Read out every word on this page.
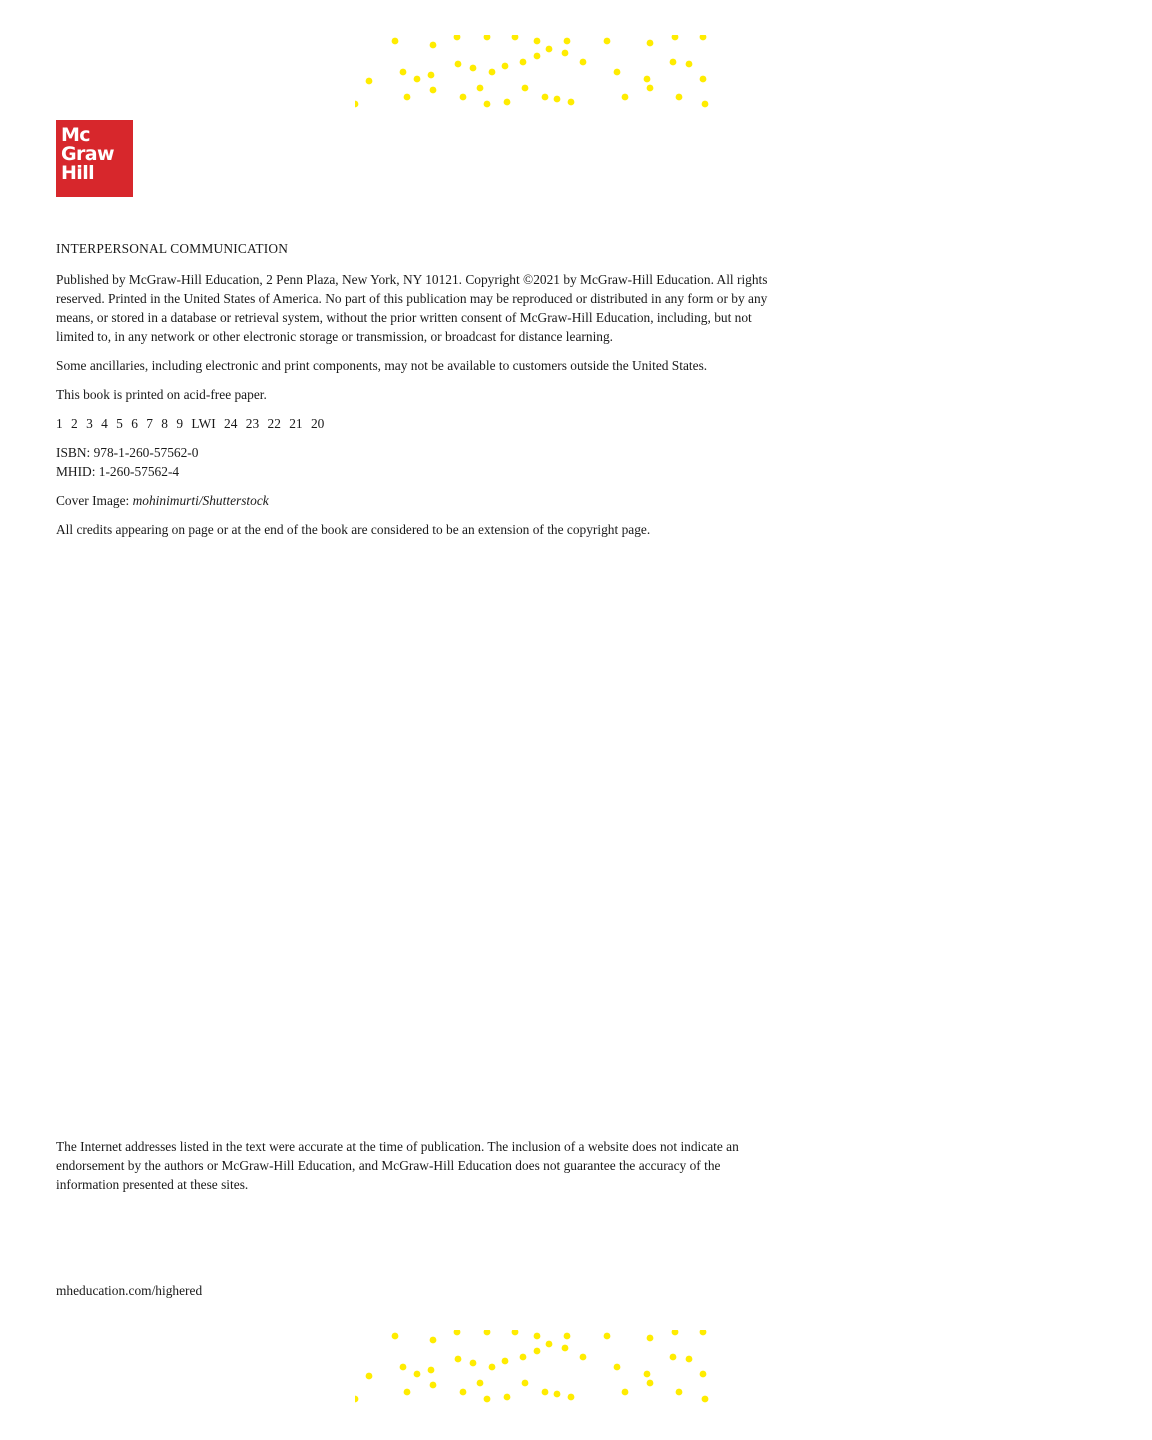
Mc
Graw
Hill
INTERPERSONAL COMMUNICATION

Published by McGraw-Hill Education, 2 Penn Plaza, New York, NY 10121. Copyright ©2021 by McGraw-Hill Education. All rights reserved. Printed in the United States of America. No part of this publication may be reproduced or distributed in any form or by any means, or stored in a database or retrieval system, without the prior written consent of McGraw-Hill Education, including, but not limited to, in any network or other electronic storage or transmission, or broadcast for distance learning.

Some ancillaries, including electronic and print components, may not be available to customers outside the United States.

This book is printed on acid-free paper.

1 2 3 4 5 6 7 8 9 LWI 24 23 22 21 20

ISBN: 978-1-260-57562-0
MHID: 1-260-57562-4

Cover Image: mohinimurti/Shutterstock

All credits appearing on page or at the end of the book are considered to be an extension of the copyright page.

The Internet addresses listed in the text were accurate at the time of publication. The inclusion of a website does not indicate an endorsement by the authors or McGraw-Hill Education, and McGraw-Hill Education does not guarantee the accuracy of the information presented at these sites.

mheducation.com/highered
